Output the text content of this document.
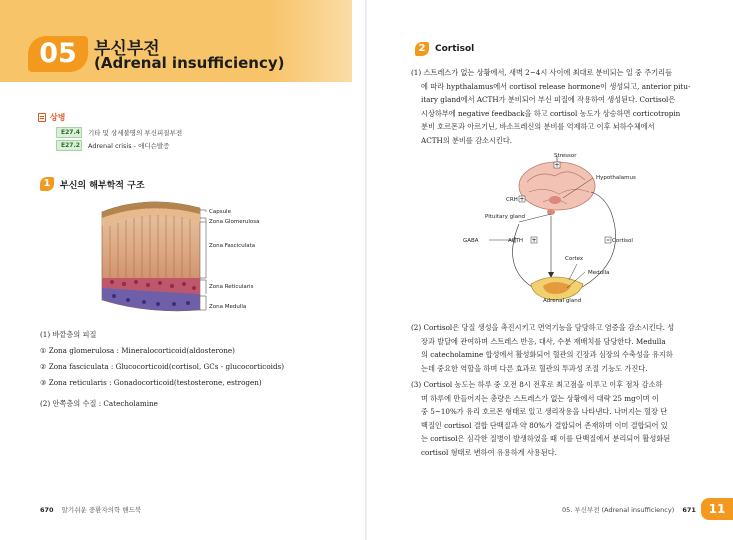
05	부신부전
(Adrenal insufficiency)
상병
E27.4	기타 및 상세불명의 부신피질부전
E27.2	Adrenal crisis - 애디슨발증
1	부신의 해부학적 구조
Capsule
Zona Glomerulosa
Zona Fasciculata
Zona Reticularis
Zona Medulla
(1) 바깥층의 피질
① Zona glomerulosa : Mineralocorticoid(aldosterone)
② Zona fasciculata : Glucocorticoid(cortisol, GCs - glucocorticoids)
③ Zona reticularis : Gonadocorticoid(testosterone, estrogen)
(2) 안쪽층의 수질 : Catecholamine
670 알기쉬운 중환자의학 핸드북
2	Cortisol
(1) 스트레스가 없는 상황에서, 새벽 2~4시 사이에 최대로 분비되는 일 중 주기리듬
에 따라 hypthalamus에서 cortisol release hormone이 생성되고, anterior pitu-
itary gland에서 ACTH가 분비되어 부신 피질에 작용하여 생성된다. Cortisol은
시상하부에 negative feedback을 하고 cortisol 농도가 상승하면 corticotropin
분비 호르몬과 아르기닌, 바소프레신의 분비를 억제하고 이후 뇌하수체에서
ACTH의 분비를 감소시킨다.
+
+
+
Stressor
Hypothalamus
CRH
Pituitary gland
GABA	ACTH	Cortisol
Cortex
Medulla
Adrenal gland
(2) Cortisol은 당질 생성을 촉진시키고 면역기능을 담당하고 염증을 감소시킨다. 성
장과 발달에 관여하며 스트레스 반응, 대사, 수분 재배치를 담당한다. Medulla
의 catecholamine 합성에서 활성화되어 혈관의 긴장과 심장의 수축성을 유지하
는데 중요한 역할을 하며 다른 효과로 혈관의 투과성 조절 기능도 가진다.
(3) Cortisol 농도는 하루 중 오전 8시 전후로 최고점을 이루고 이후 점차 감소하
며 하루에 만들어지는 총량은 스트레스가 없는 상황에서 대략 25 mg이며 이
중 5~10%가 유리 호르몬 형태로 있고 생리작용을 나타낸다. 나머지는 혈장 단
백질인 cortisol 결합 단백질과 약 80%가 결합되어 존재하며 이미 결합되어 있
는 cortisol은 심각한 질병이 발생하였을 때 이를 단백질에서 분리되어 활성화된
cortisol 형태로 변하여 유용하게 사용된다.
05. 부신부전 (Adrenal insufficiency) 671	11
